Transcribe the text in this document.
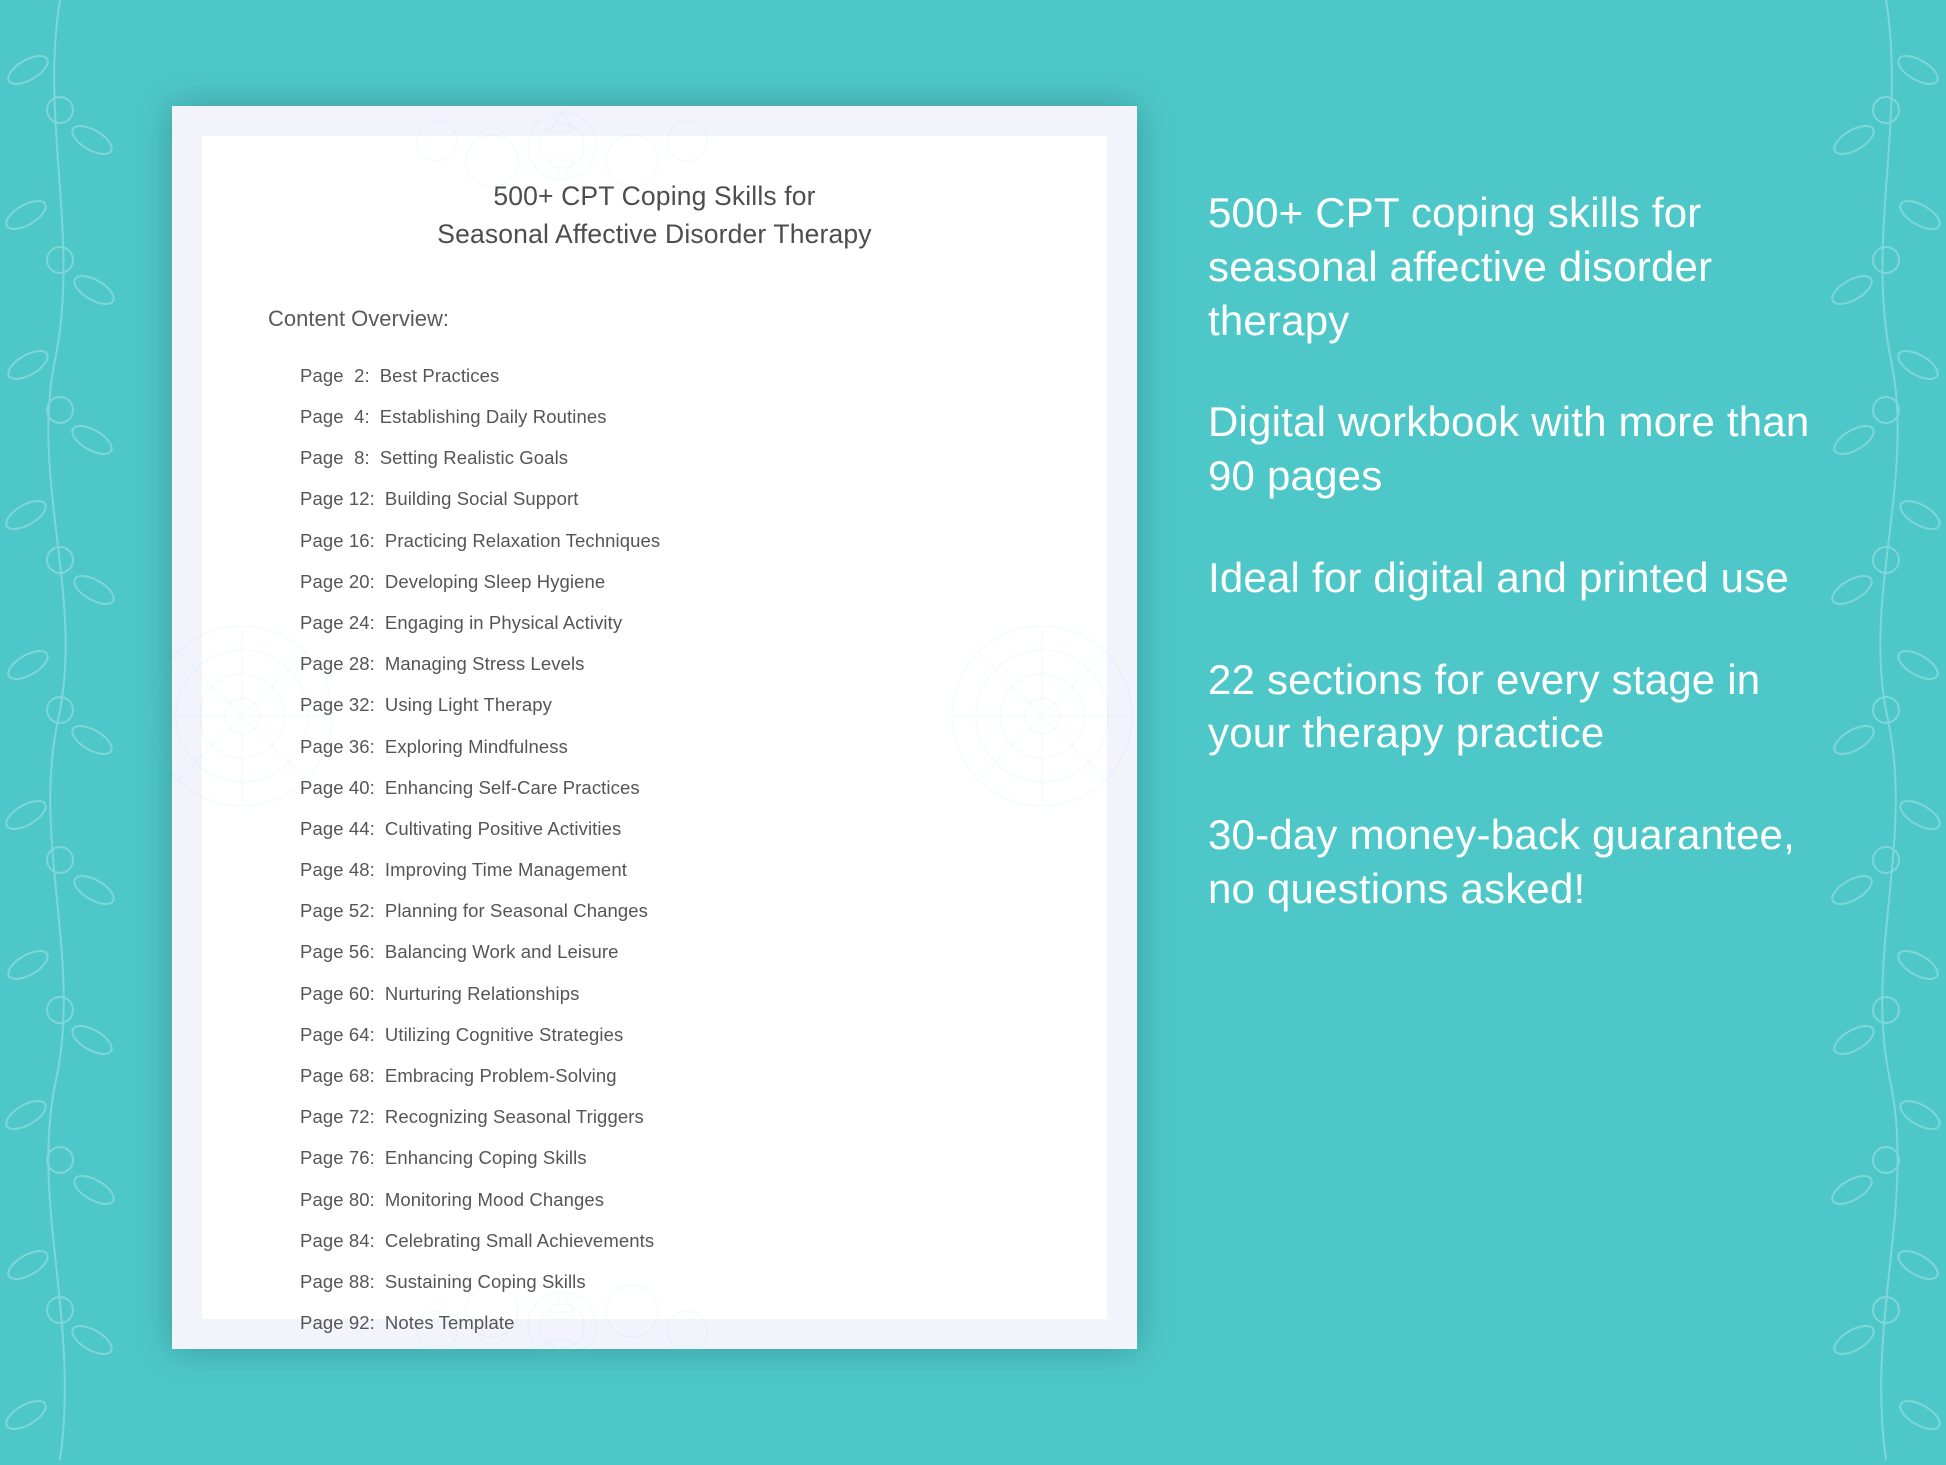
500+ CPT Coping Skills for
Seasonal Affective Disorder Therapy
Content Overview:
Page  2: Best Practices
Page  4: Establishing Daily Routines
Page  8: Setting Realistic Goals
Page 12: Building Social Support
Page 16: Practicing Relaxation Techniques
Page 20: Developing Sleep Hygiene
Page 24: Engaging in Physical Activity
Page 28: Managing Stress Levels
Page 32: Using Light Therapy
Page 36: Exploring Mindfulness
Page 40: Enhancing Self-Care Practices
Page 44: Cultivating Positive Activities
Page 48: Improving Time Management
Page 52: Planning for Seasonal Changes
Page 56: Balancing Work and Leisure
Page 60: Nurturing Relationships
Page 64: Utilizing Cognitive Strategies
Page 68: Embracing Problem-Solving
Page 72: Recognizing Seasonal Triggers
Page 76: Enhancing Coping Skills
Page 80: Monitoring Mood Changes
Page 84: Celebrating Small Achievements
Page 88: Sustaining Coping Skills
Page 92: Notes Template

500+ CPT coping skills for seasonal affective disorder therapy

Digital workbook with more than 90 pages

Ideal for digital and printed use

22 sections for every stage in your therapy practice

30-day money-back guarantee, no questions asked!
